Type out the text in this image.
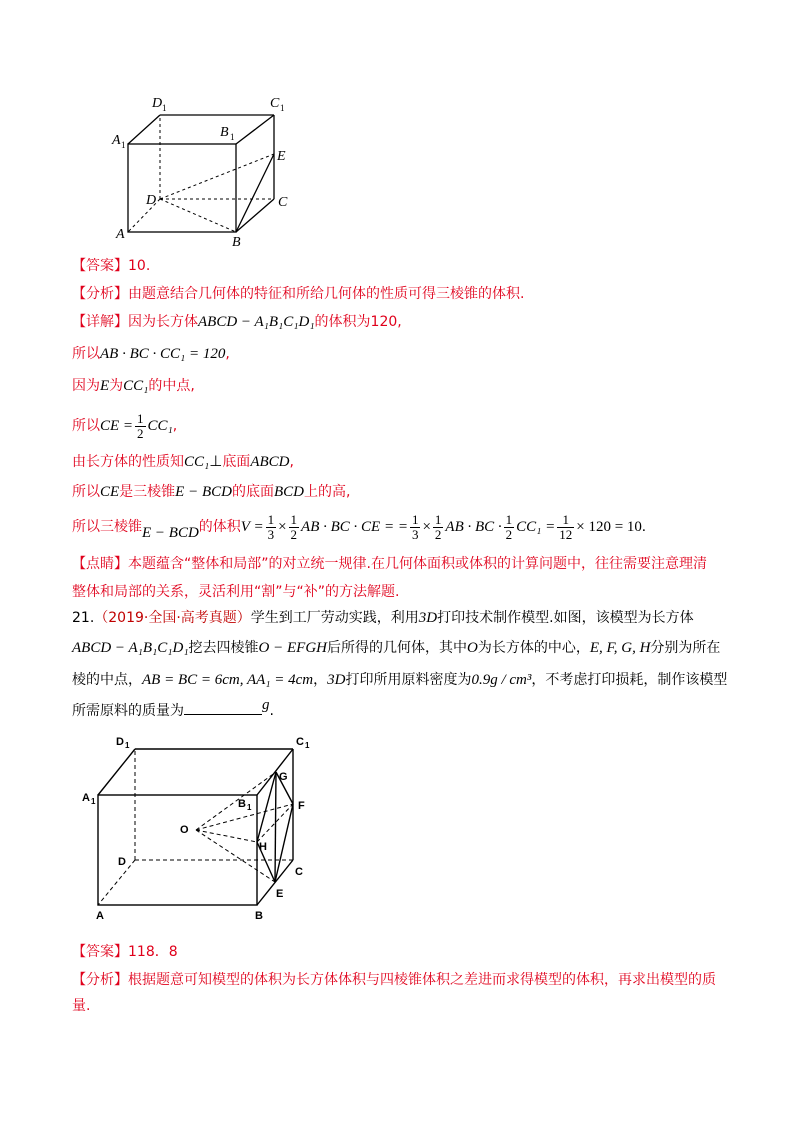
D 1	C 1
A 1
B 1
E
D	C
A
B
【答案】10.
【分析】由题意结合几何体的特征和所给几何体的性质可得三棱锥的体积.
【详解】因为长方体ABCD − A₁B₁C₁D₁的体积为120,
所以AB · BC · CC₁ = 120,
因为E为CC₁的中点,
所以CE = $\frac{1}{2} CC_1$,
由长方体的性质知CC₁⊥底面ABCD,
所以CE是三棱锥E − BCD的底面BCD上的高,
所以三棱锥E − BCD的体积$V = \frac{1}{3} \times \frac{1}{2}$ AB · BC · CE = = $\frac{1}{3} \times \frac{1}{2}$ AB · BC · $\frac{1}{2} CC_1 = \frac{1}{12} \times 120 = 10$.
【点睛】本题蕴含“整体和局部”的对立统一规律.在几何体面积或体积的计算问题中，往往需要注意理清
整体和局部的关系，灵活利用“割”与“补”的方法解题.
21.（2019·全国·高考真题）学生到工厂劳动实践，利用3D打印技术制作模型.如图，该模型为长方体
ABCD − A₁B₁C₁D₁挖去四棱锥O − EFGH后所得的几何体，其中O为长方体的中心，E, F, G, H分别为所在
棱的中点，AB = BC = 6cm, AA₁ = 4cm，3D打印所用原料密度为0.9g / cm³，不考虑打印损耗，制作该模型
所需原料的质量为	g.
D 1	C 1
A 1	B 1
G
F
O
H
D
C
E
A	B
【答案】118．8
【分析】根据题意可知模型的体积为长方体体积与四棱锥体积之差进而求得模型的体积，再求出模型的质
量.
